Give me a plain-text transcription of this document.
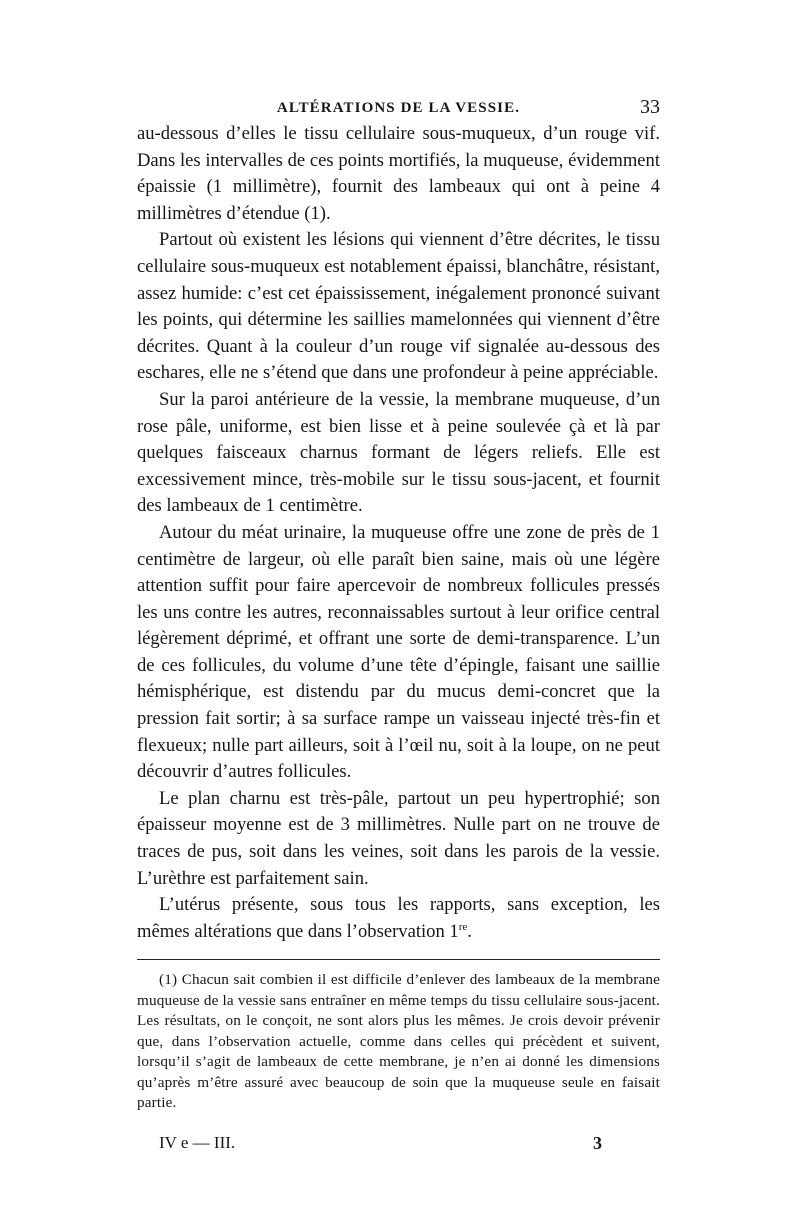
ALTÉRATIONS DE LA VESSIE.	33

au-dessous d’elles le tissu cellulaire sous-muqueux, d’un rouge vif. Dans les intervalles de ces points mortifiés, la muqueuse, évidemment épaissie (1 millimètre), fournit des lambeaux qui ont à peine 4 millimètres d’étendue (1).

Partout où existent les lésions qui viennent d’être décrites, le tissu cellulaire sous-muqueux est notablement épaissi, blanchâtre, résistant, assez humide: c’est cet épaississement, inégalement prononcé suivant les points, qui détermine les saillies mamelonnées qui viennent d’être décrites. Quant à la couleur d’un rouge vif signalée au-dessous des eschares, elle ne s’étend que dans une profondeur à peine appréciable.

Sur la paroi antérieure de la vessie, la membrane muqueuse, d’un rose pâle, uniforme, est bien lisse et à peine soulevée çà et là par quelques faisceaux charnus formant de légers reliefs. Elle est excessivement mince, très-mobile sur le tissu sous-jacent, et fournit des lambeaux de 1 centimètre.

Autour du méat urinaire, la muqueuse offre une zone de près de 1 centimètre de largeur, où elle paraît bien saine, mais où une légère attention suffit pour faire apercevoir de nombreux follicules pressés les uns contre les autres, reconnaissables surtout à leur orifice central légèrement déprimé, et offrant une sorte de demi-transparence. L’un de ces follicules, du volume d’une tête d’épingle, faisant une saillie hémisphérique, est distendu par du mucus demi-concret que la pression fait sortir; à sa surface rampe un vaisseau injecté très-fin et flexueux; nulle part ailleurs, soit à l’œil nu, soit à la loupe, on ne peut découvrir d’autres follicules.

Le plan charnu est très-pâle, partout un peu hypertrophié; son épaisseur moyenne est de 3 millimètres. Nulle part on ne trouve de traces de pus, soit dans les veines, soit dans les parois de la vessie. L’urèthre est parfaitement sain.

L’utérus présente, sous tous les rapports, sans exception, les mêmes altérations que dans l’observation 1re.

(1) Chacun sait combien il est difficile d’enlever des lambeaux de la membrane muqueuse de la vessie sans entraîner en même temps du tissu cellulaire sous-jacent. Les résultats, on le conçoit, ne sont alors plus les mêmes. Je crois devoir prévenir que, dans l’observation actuelle, comme dans celles qui précèdent et suivent, lorsqu’il s’agit de lambeaux de cette membrane, je n’en ai donné les dimensions qu’après m’être assuré avec beaucoup de soin que la muqueuse seule en faisait partie.

IV e — III.	3
